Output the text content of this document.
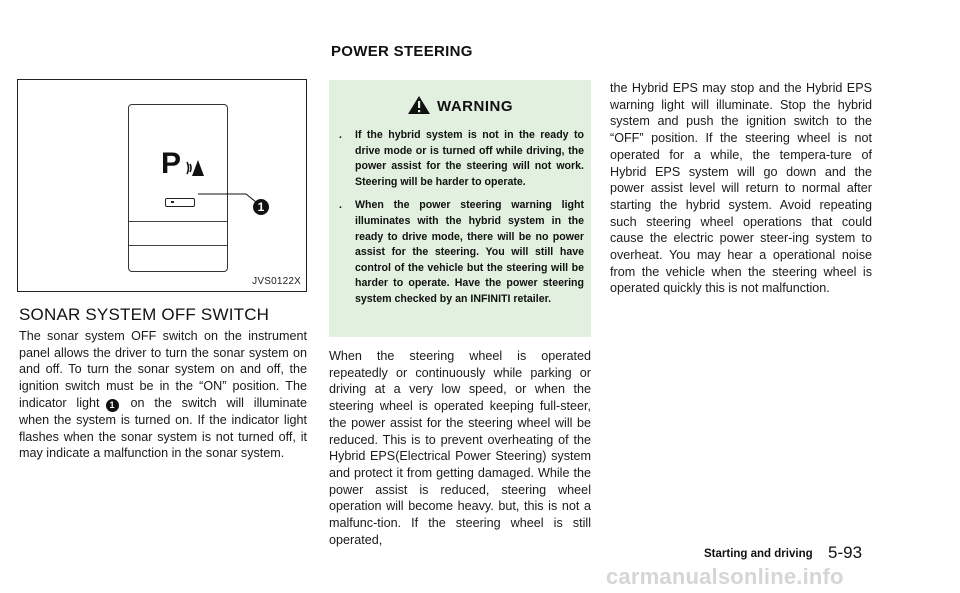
POWER STEERING
P
1
JVS0122X
SONAR SYSTEM OFF SWITCH

The sonar system OFF switch on the instrument panel allows the driver to turn the sonar system on and off. To turn the sonar system on and off, the ignition switch must be in the “ON” position. The indicator light 1 on the switch will illuminate when the system is turned on. If the indicator light flashes when the sonar system is not turned off, it may indicate a malfunction in the sonar system.

WARNING
. If the hybrid system is not in the ready to drive mode or is turned off while driving, the power assist for the steering will not work. Steering will be harder to operate.
. When the power steering warning light illuminates with the hybrid system in the ready to drive mode, there will be no power assist for the steering. You will still have control of the vehicle but the steering will be harder to operate. Have the power steering system checked by an INFINITI retailer.

When the steering wheel is operated repeatedly or continuously while parking or driving at a very low speed, or when the steering wheel is operated keeping full-steer, the power assist for the steering wheel will be reduced. This is to prevent overheating of the Hybrid EPS(Electrical Power Steering) system and protect it from getting damaged. While the power assist is reduced, steering wheel operation will become heavy. but, this is not a malfunc-tion. If the steering wheel is still operated,

the Hybrid EPS may stop and the Hybrid EPS warning light will illuminate. Stop the hybrid system and push the ignition switch to the “OFF” position. If the steering wheel is not operated for a while, the tempera-ture of Hybrid EPS system will go down and the power assist level will return to normal after starting the hybrid system. Avoid repeating such steering wheel operations that could cause the electric power steer-ing system to overheat. You may hear a operational noise from the vehicle when the steering wheel is operated quickly this is not malfunction.

Starting and driving 5-93
carmanualsonline.info
